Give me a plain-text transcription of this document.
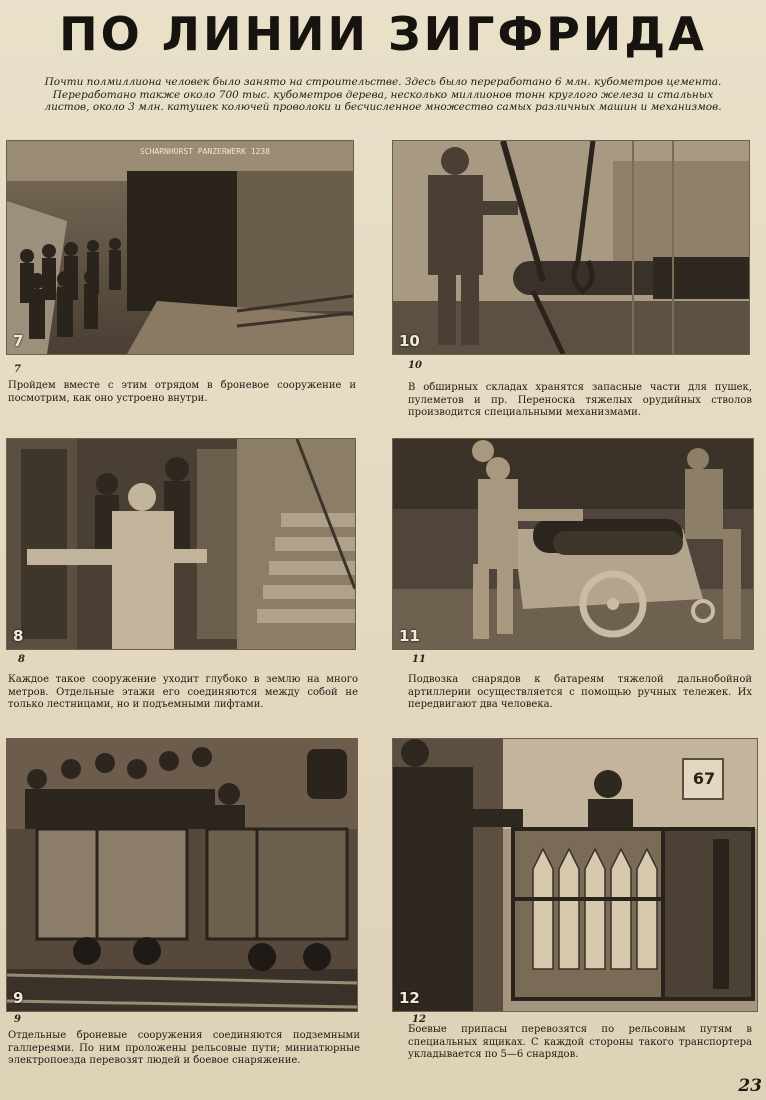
ПО ЛИНИИ ЗИГФРИДА
Почти полмиллиона человек было занято на строительстве. Здесь было переработано 6 млн. кубометров цемента. Переработано также около 700 тыс. кубометров дерева, несколько миллионов тонн круглого железа и стальных листов, около 3 млн. катушек колючей проволоки и бесчисленное множество самых различных машин и механизмов.
SCHARNHORST PANZERWERK 1238
7
7
Пройдем вместе с этим отрядом в броневое сооружение и посмотрим, как оно устроено внутри.
10
10
В обширных складах хранятся запасные части для пушек, пулеметов и пр. Переноска тяжелых орудийных стволов производится специальными механизмами.
8
8
Каждое такое сооружение уходит глубоко в землю на много метров. Отдельные этажи его соединяются между собой не только лестницами, но и подъемными лифтами.
11
11
Подвозка снарядов к батареям тяжелой дальнобойной артиллерии осуществляется с помощью ручных тележек. Их передвигают два человека.
9
9
Отдельные броневые сооружения соединяются подземными галлереями. По ним проложены рельсовые пути; миниатюрные электропоезда перевозят людей и боевое снаряжение.
67
12
Боевые припасы перевозятся по рельсовым путям в специальных ящиках. С каждой стороны такого транспортера укладывается по 5—6 снарядов.
12
23
